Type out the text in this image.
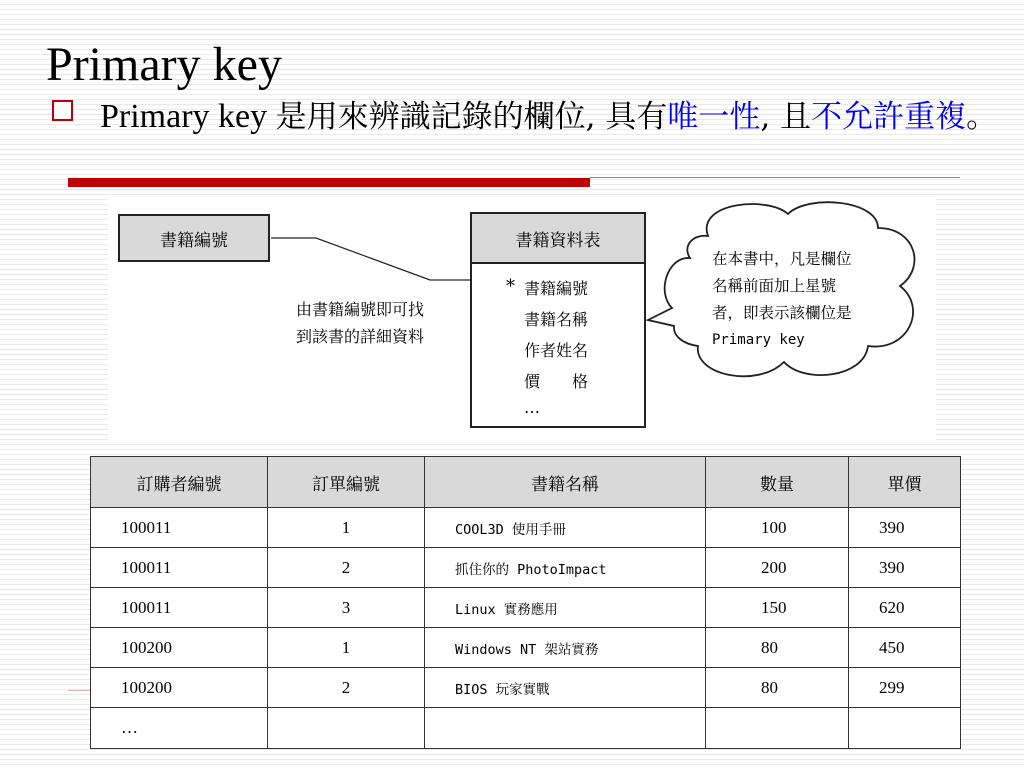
Primary key
Primary key 是用來辨識記錄的欄位, 具有唯一性, 且不允許重複。
書籍編號
由書籍編號即可找
到該書的詳細資料
書籍資料表
* 書籍編號
書籍名稱
作者姓名
價　　格
…
在本書中，凡是欄位
名稱前面加上星號
者，即表示該欄位是
Primary key
訂購者編號	訂單編號	書籍名稱	數量	單價
100011	1	COOL3D 使用手冊	100	390
100011	2	抓住你的 PhotoImpact	200	390
100011	3	Linux 實務應用	150	620
100200	1	Windows NT 架站實務	80	450
100200	2	BIOS 玩家實戰	80	299
…				
